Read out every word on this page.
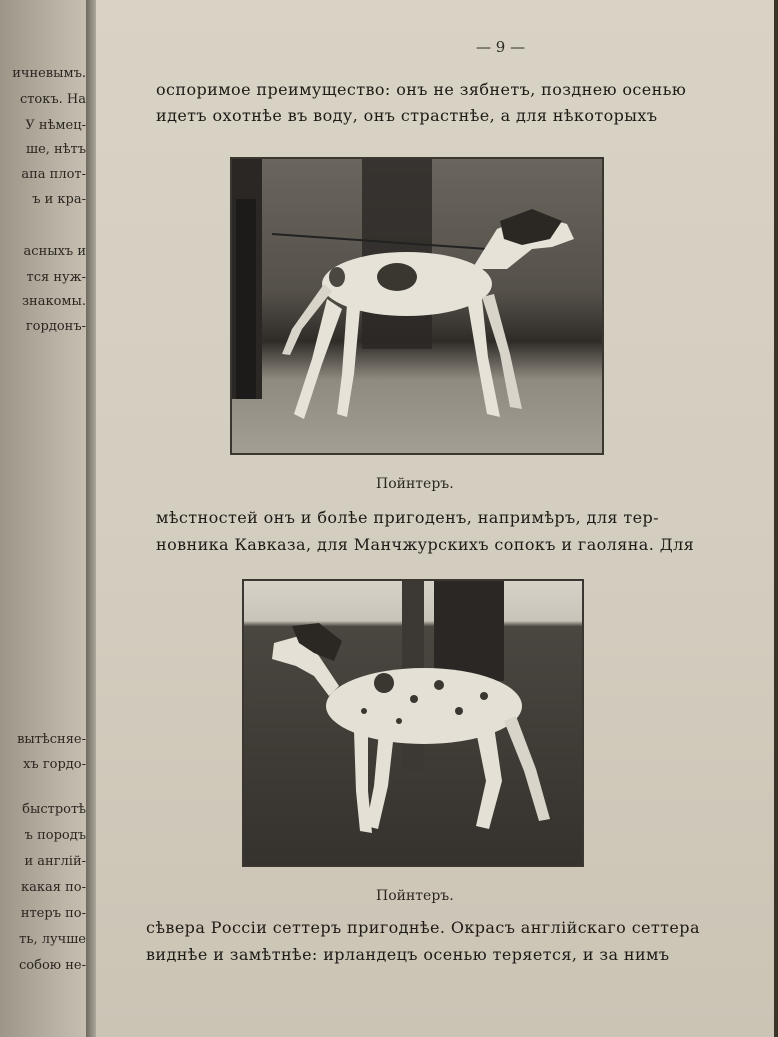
ичневымъ.
стокъ. На
У нѣмец-
ше, нѣтъ
апа плот-
ъ и кра-
асныхъ и
тся нуж-
знакомы.
гордонъ-
вытѣсняе-
хъ гордо-
быстротѣ
ъ породъ
и англій-
какая по-
нтеръ по-
ть, лучше
собою не-
— 9 —
оспоримое преимущество: онъ не зябнетъ, позднею осенью
идетъ охотнѣе въ воду, онъ страстнѣе, а для нѣкоторыхъ
Пойнтеръ.
мѣстностей онъ и болѣе пригоденъ, напримѣръ, для тер-
новника Кавказа, для Манчжурскихъ сопокъ и гаоляна. Для
Пойнтеръ.
сѣвера Россіи сеттеръ пригоднѣе. Окрасъ англійскаго сеттера
виднѣе и замѣтнѣе: ирландецъ осенью теряется, и за нимъ
